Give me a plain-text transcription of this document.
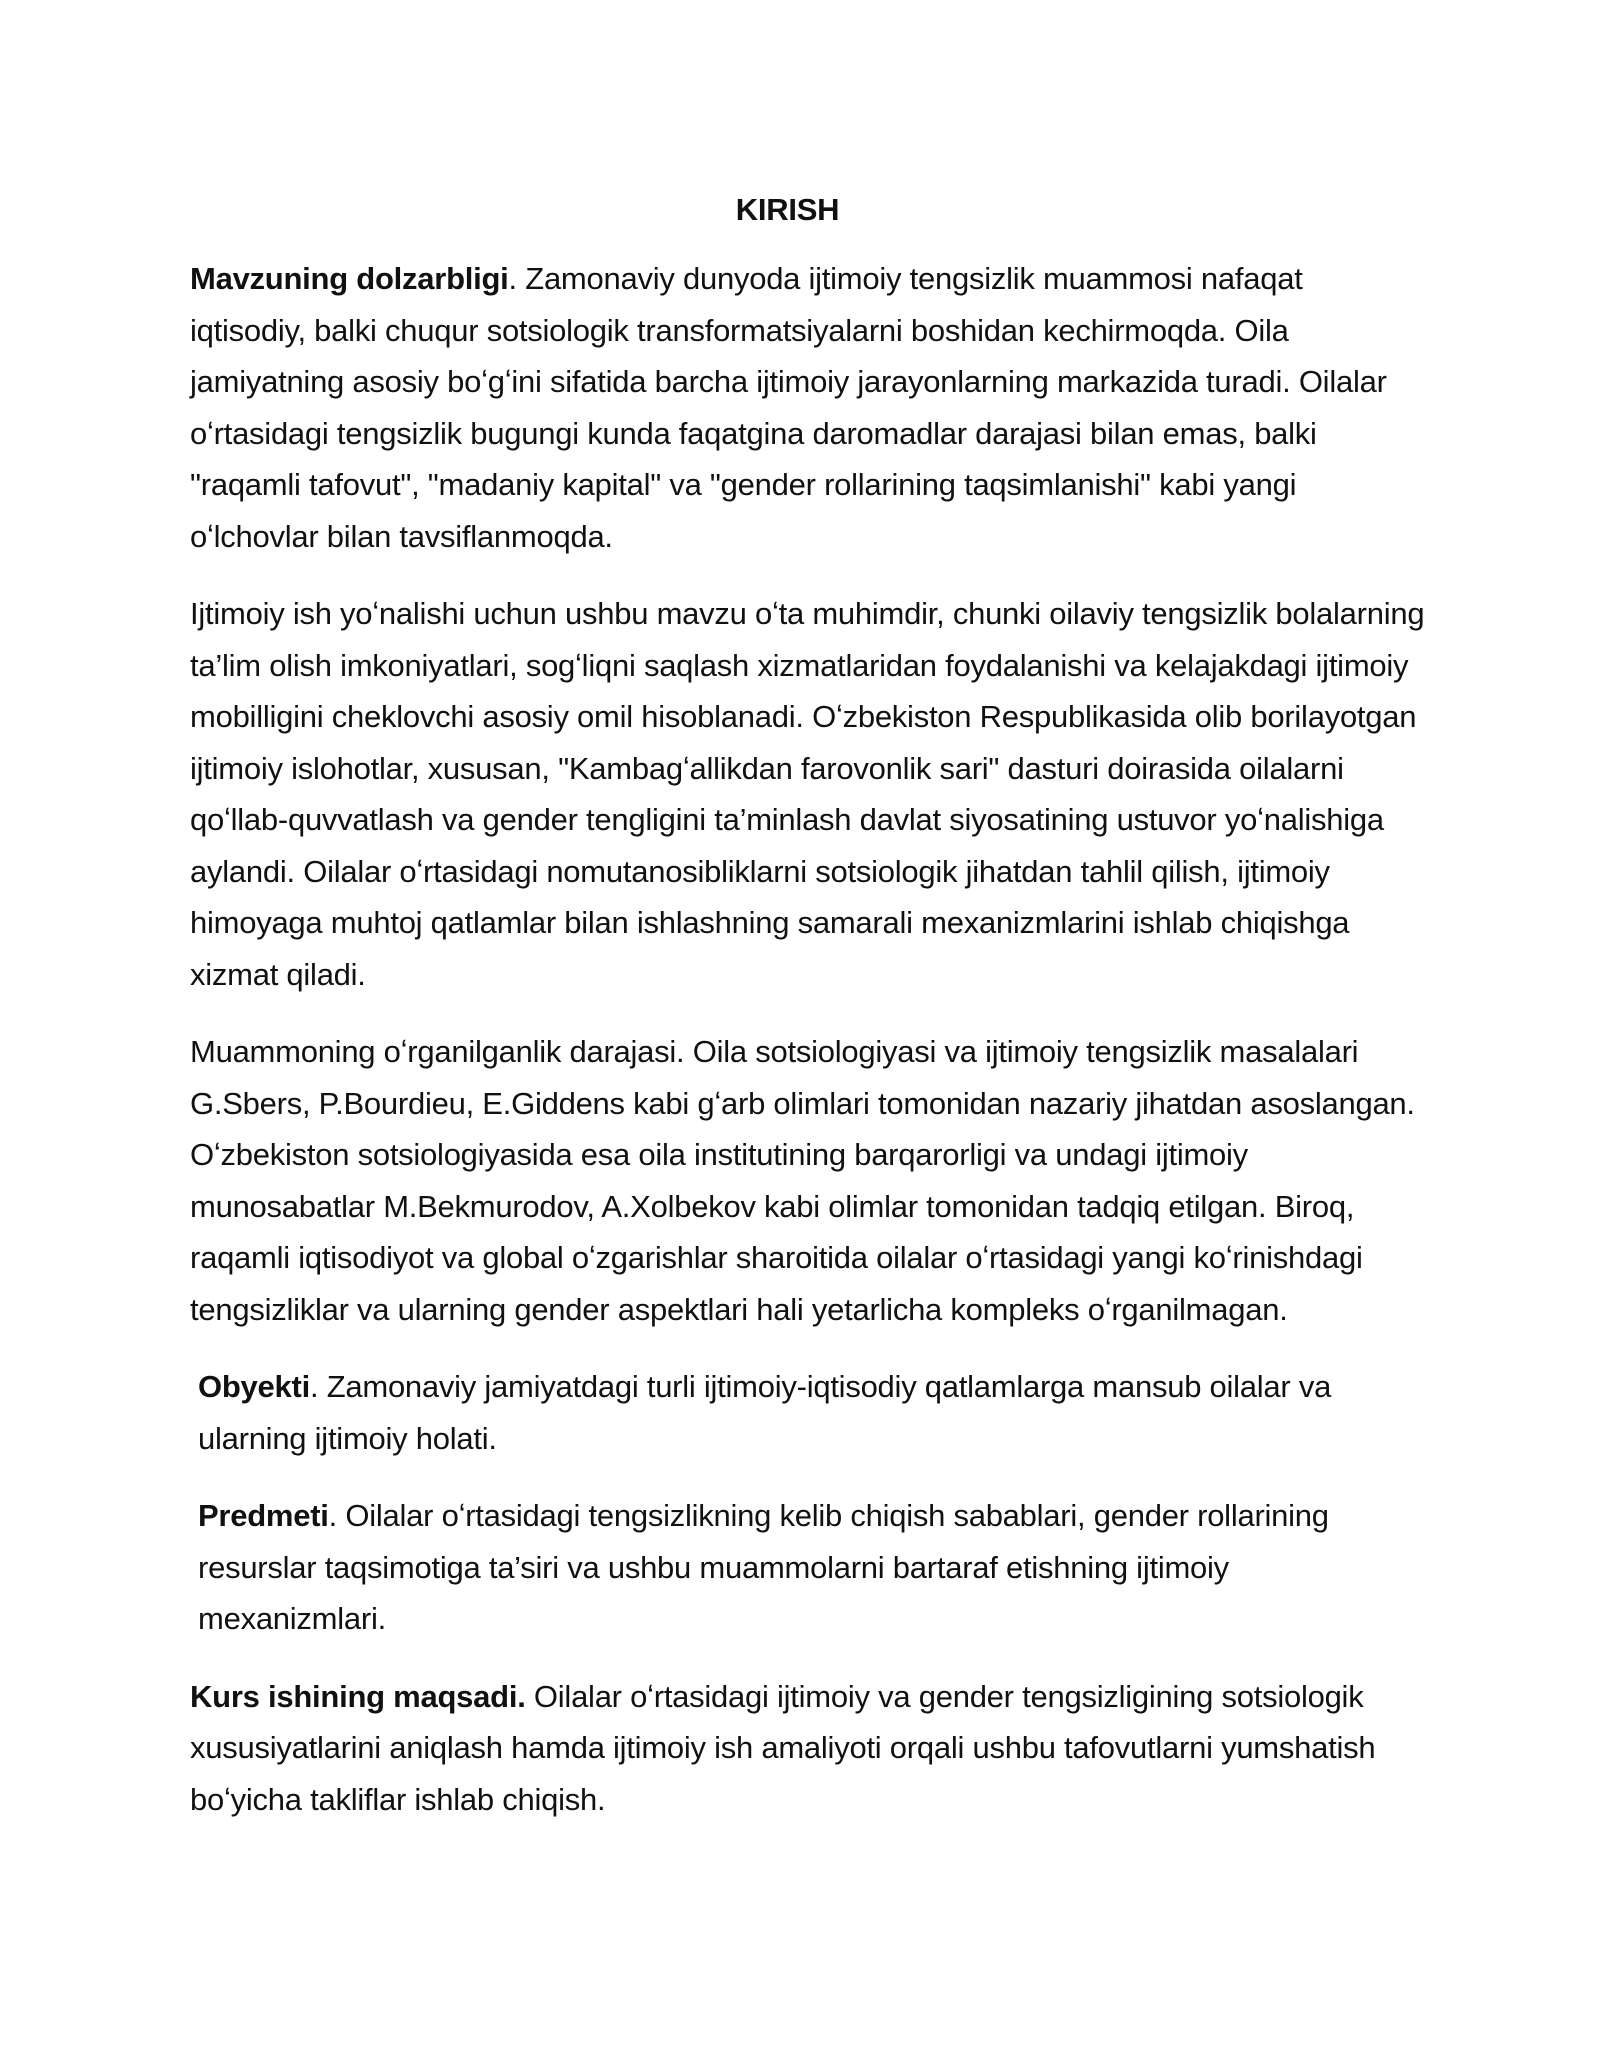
KIRISH

Mavzuning dolzarbligi. Zamonaviy dunyoda ijtimoiy tengsizlik muammosi nafaqat iqtisodiy, balki chuqur sotsiologik transformatsiyalarni boshidan kechirmoqda. Oila jamiyatning asosiy boʻgʻini sifatida barcha ijtimoiy jarayonlarning markazida turadi. Oilalar oʻrtasidagi tengsizlik bugungi kunda faqatgina daromadlar darajasi bilan emas, balki "raqamli tafovut", "madaniy kapital" va "gender rollarining taqsimlanishi" kabi yangi oʻlchovlar bilan tavsiflanmoqda.

Ijtimoiy ish yoʻnalishi uchun ushbu mavzu oʻta muhimdir, chunki oilaviy tengsizlik bolalarning ta’lim olish imkoniyatlari, sogʻliqni saqlash xizmatlaridan foydalanishi va kelajakdagi ijtimoiy mobilligini cheklovchi asosiy omil hisoblanadi. Oʻzbekiston Respublikasida olib borilayotgan ijtimoiy islohotlar, xususan, "Kambagʻallikdan farovonlik sari" dasturi doirasida oilalarni qoʻllab-quvvatlash va gender tengligini ta’minlash davlat siyosatining ustuvor yoʻnalishiga aylandi. Oilalar oʻrtasidagi nomutanosibliklarni sotsiologik jihatdan tahlil qilish, ijtimoiy himoyaga muhtoj qatlamlar bilan ishlashning samarali mexanizmlarini ishlab chiqishga xizmat qiladi.

Muammoning oʻrganilganlik darajasi. Oila sotsiologiyasi va ijtimoiy tengsizlik masalalari G.Sbers, P.Bourdieu, E.Giddens kabi gʻarb olimlari tomonidan nazariy jihatdan asoslangan. Oʻzbekiston sotsiologiyasida esa oila institutining barqarorligi va undagi ijtimoiy munosabatlar M.Bekmurodov, A.Xolbekov kabi olimlar tomonidan tadqiq etilgan. Biroq, raqamli iqtisodiyot va global oʻzgarishlar sharoitida oilalar oʻrtasidagi yangi koʻrinishdagi tengsizliklar va ularning gender aspektlari hali yetarlicha kompleks oʻrganilmagan.

Obyekti. Zamonaviy jamiyatdagi turli ijtimoiy-iqtisodiy qatlamlarga mansub oilalar va ularning ijtimoiy holati.

Predmeti. Oilalar oʻrtasidagi tengsizlikning kelib chiqish sabablari, gender rollarining resurslar taqsimotiga ta’siri va ushbu muammolarni bartaraf etishning ijtimoiy mexanizmlari.

Kurs ishining maqsadi. Oilalar oʻrtasidagi ijtimoiy va gender tengsizligining sotsiologik xususiyatlarini aniqlash hamda ijtimoiy ish amaliyoti orqali ushbu tafovutlarni yumshatish boʻyicha takliflar ishlab chiqish.
